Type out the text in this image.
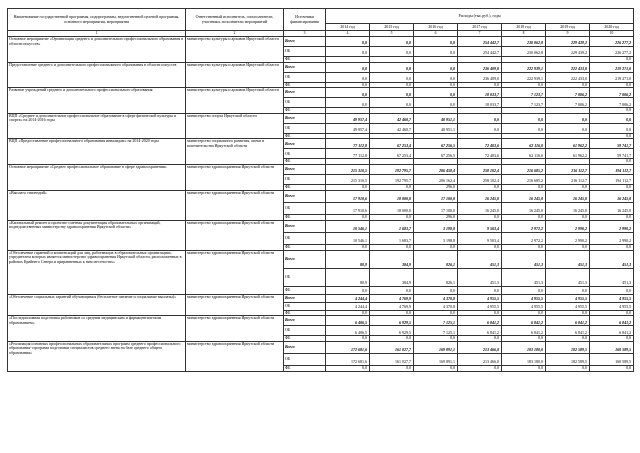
Наименование государственной программы, подпрограммы, ведомственной целевой программы, основного мероприятия, мероприятия	Ответственный исполнитель, соисполнители, участники, исполнители мероприятий	Источники финансирования	Расходы (тыс.руб.), годы						
			2014 год	2015 год	2016 год	2017 год	2018 год	2019 год	2020 год
1	2	3	4	5	6	7	8	9	10
Основное мероприятие «Организация среднего и дополнительного профессионального образования в области искусств»	министерство культуры и архивов Иркутской области	Всего	0,0	0,0	0,0	254 442,7	230 062,8	229 439,2	226 277,2
		ОБ	0,0	0,0	0,0	254 442,7	230 062,8	229 439,2	226 277,2
		ФБ							0,0
Предоставление среднего и дополнительного профессионального образования в области искусств	министерство культуры и архивов Иркутской области	Всего	0,0	0,0	0,0	236 409,0	222 939,1	222 433,0	219 271,0
		ОБ	0,0	0,0	0,0	236 409,0	222 939,1	222 433,0	219 271,0
		ФБ	0,0	0,0	0,0	0,0	0,0	0,0	0,0
Развитие учреждений среднего и дополнительного профессионального образования	министерство культуры и архивов Иркутской области	Всего	0,0	0,0	0,0	18 033,7	7 123,7	7 006,2	7 006,2
		ОБ	0,0	0,0	0,0	18 033,7	7 123,7	7 006,2	7 006,2
		ФБ							0,0
ВЦП «Среднее и дополнительное профессиональное образование в сфере физической культуры и спорта» на 2014-2016 годы	министерство спорта Иркутской области	Всего	49 957,4	42 460,7	40 951,1	0,0	0,0	0,0	0,0
		ОБ	49 957,4	42 460,7	40 951,1	0,0	0,0	0,0	0,0
		ФБ							0,0
ВЦП «Предоставление профессионального образования инвалидам» на 2014-2020 годы	министерство социального развития, опеки и попечительства Иркутской области	Всего	77 112,8	67 253,4	67 256,5	72 403,6	62 116,0	61 962,2	59 741,7
		ОБ	77 112,8	67 253,4	67 256,5	72 403,6	62 116,0	61 962,2	59 741,7
		ФБ							0,0
Основное мероприятие «Среднее профессиональное образование в сфере здравоохранения»	министерство здравоохранения Иркутской области	Всего	215 310,5	192 795,7	206 458,4	258 102,4	216 685,2	216 112,7	194 112,7
		ОБ	215 310,5	192 795,7	206 162,4	258 102,4	216 685,2	216 112,7	194 112,7
		ФБ	0,0	0,0	296,0	0,0	0,0	0,0	0,0
«Выплата стипендий»	министерство здравоохранения Иркутской области	Всего	17 910,6	18 000,0	17 100,0	16 245,0	16 245,0	16 245,0	16 245,0
		ОБ	17 910,6	18 000,0	17 100,0	16 245,0	16 245,0	16 245,0	16 245,0
		ФБ	0,0	0,0	296,0	0,0	0,0	0,0	0,0
«Капитальный ремонт и проектно-сметная документация образовательных организаций, подведомственных министерству здравоохранения Иркутской области»	министерство здравоохранения Иркутской области	Всего	10 546,1	1 683,7	3 198,8	9 503,4	2 972,2	2 990,2	2 990,2
		ОБ	10 546,1	1 683,7	3 198,8	9 503,4	2 972,2	2 990,2	2 990,2
		ФБ	0,0	0,0	0,0	0,0	0,0	0,0	0,0
«Обеспечение гарантий и компенсаций для лиц, работающих в образовательных организациях, учредителем которых является министерство здравоохранения Иркутской области, расположенных в районах Крайнего Севера и приравненных к ним местностях»	министерство здравоохранения Иркутской области	Всего	80,9	384,9	826,1	451,3	451,3	451,3	451,3
		ОБ	80,9	384,9	826,1	451,3	451,3	451,3	451,3
		ФБ	0,0	0,0	0,0	0,0	0,0	0,0	0,0
«Обеспечение социальных гарантий обучающимся (бесплатное питание и социальные выплаты)»	министерство здравоохранения Иркутской области	Всего	4 244,4	4 769,9	4 370,8	4 955,5	4 955,5	4 955,5	4 955,5
		ОБ	4 244,4	4 769,9	4 370,8	4 955,5	4 955,5	4 955,5	4 955,5
		ФБ	0,0	0,0	0,0	0,0	0,0	0,0	0,0
«Последипломная подготовка работников со средним медицинским и фармацевтическим образованием»	министерство здравоохранения Иркутской области	Всего	6 406,5	6 929,5	7 125,1	6 841,2	6 841,2	6 841,2	6 841,2
		ОБ	6 406,5	6 929,5	7 125,1	6 841,2	6 841,2	6 841,2	6 841,2
		ФБ	0,0	0,0	0,0	0,0	0,0	0,0	0,0
«Реализация основных профессиональных образовательных программ среднего профессионального образования- программ подготовки специалистов среднего звена на базе среднего общего образования»	министерство здравоохранения Иркутской области	Всего	172 681,6	161 027,7	169 891,1	213 466,0	183 180,0	182 589,5	160 589,5
		ОБ	172 681,6	161 027,7	169 891,1	213 466,0	183 180,0	182 589,5	160 589,5
		ФБ	0,0	0,0	0,0	0,0	0,0	0,0	0,0
